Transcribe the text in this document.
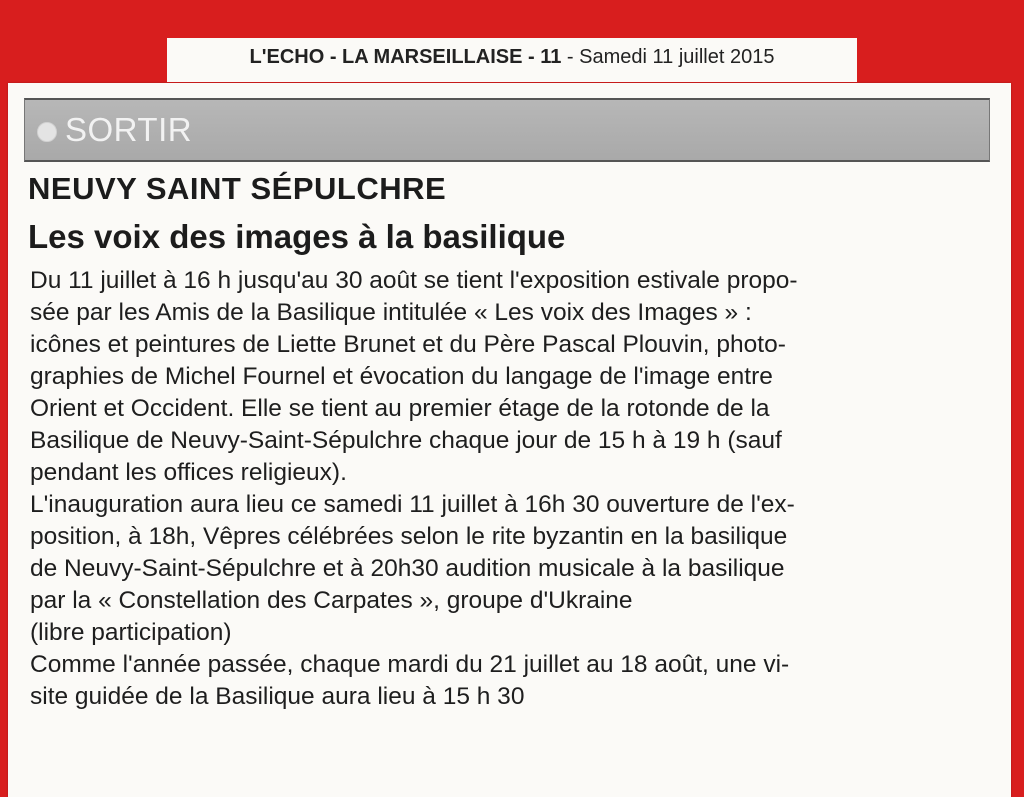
L'ECHO - LA MARSEILLAISE - 11 - Samedi 11 juillet 2015
SORTIR
NEUVY SAINT SÉPULCHRE
Les voix des images à la basilique
Du 11 juillet à 16 h jusqu'au 30 août se tient l'exposition estivale propo-
sée par les Amis de la Basilique intitulée « Les voix des Images » :
icônes et peintures de Liette Brunet et du Père Pascal Plouvin, photo-
graphies de Michel Fournel et évocation du langage de l'image entre
Orient et Occident. Elle se tient au premier étage de la rotonde de la
Basilique de Neuvy-Saint-Sépulchre chaque jour de 15 h à 19 h (sauf
pendant les offices religieux).
L'inauguration aura lieu ce samedi 11 juillet à 16h 30 ouverture de l'ex-
position, à 18h, Vêpres célébrées selon le rite byzantin en la basilique
de Neuvy-Saint-Sépulchre et à 20h30 audition musicale à la basilique
par la « Constellation des Carpates », groupe d'Ukraine
(libre participation)
Comme l'année passée, chaque mardi du 21 juillet au 18 août, une vi-
site guidée de la Basilique aura lieu à 15 h 30
